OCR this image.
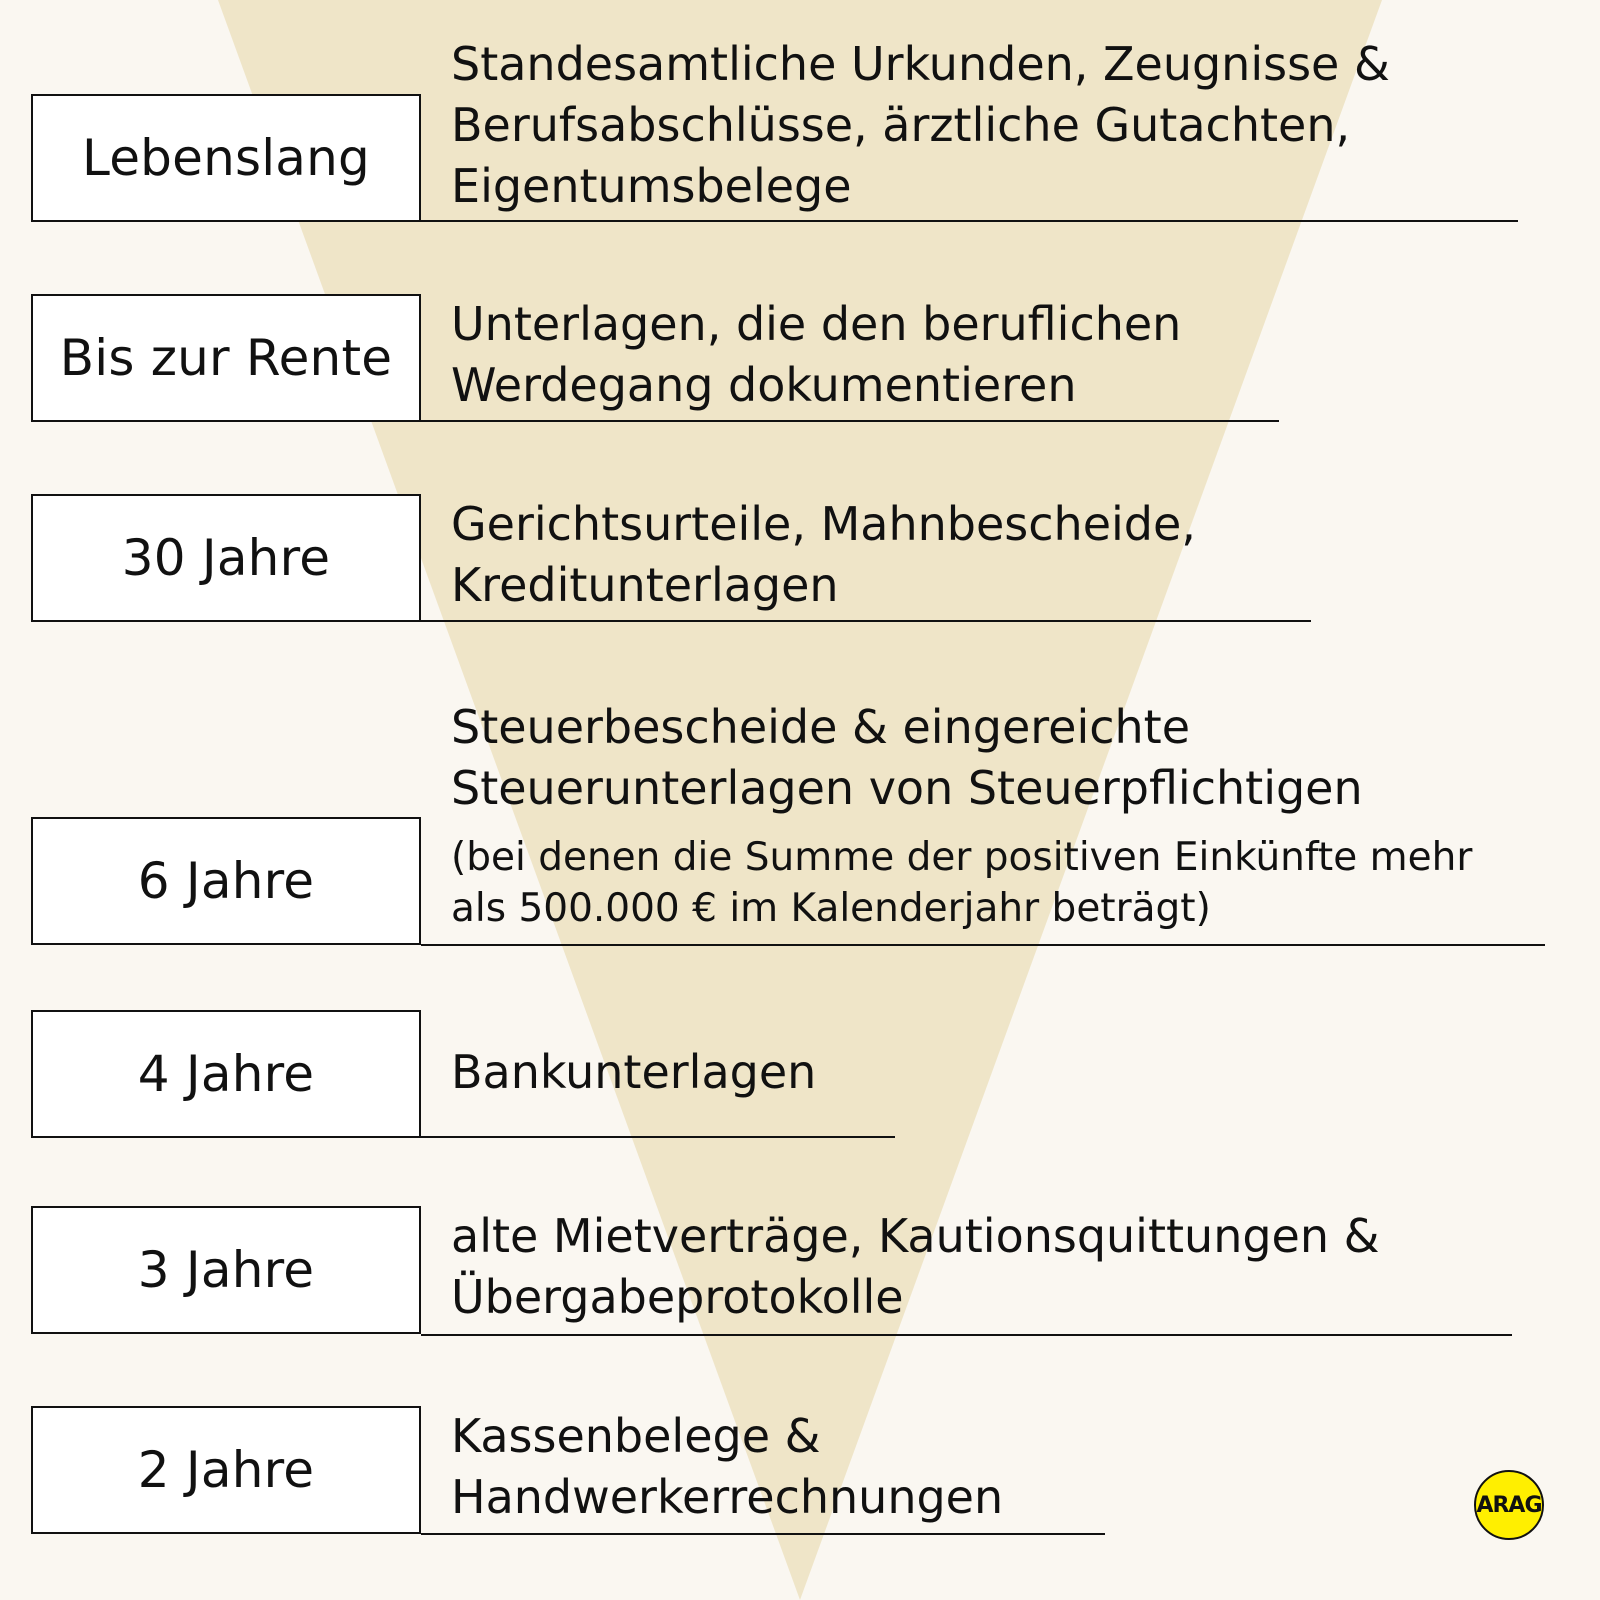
Lebenslang
Standesamtliche Urkunden, Zeugnisse &
Berufsabschlüsse, ärztliche Gutachten,
Eigentumsbelege
Bis zur Rente
Unterlagen, die den beruflichen
Werdegang dokumentieren
30 Jahre
Gerichtsurteile, Mahnbescheide,
Kreditunterlagen
6 Jahre
Steuerbescheide & eingereichte
Steuerunterlagen von Steuerpflichtigen
(bei denen die Summe der positiven Einkünfte mehr
als 500.000 € im Kalenderjahr beträgt)
4 Jahre	Bankunterlagen
3 Jahre
alte Mietverträge, Kautionsquittungen &
Übergabeprotokolle
2 Jahre
Kassenbelege &
Handwerkerrechnungen	ARAG
